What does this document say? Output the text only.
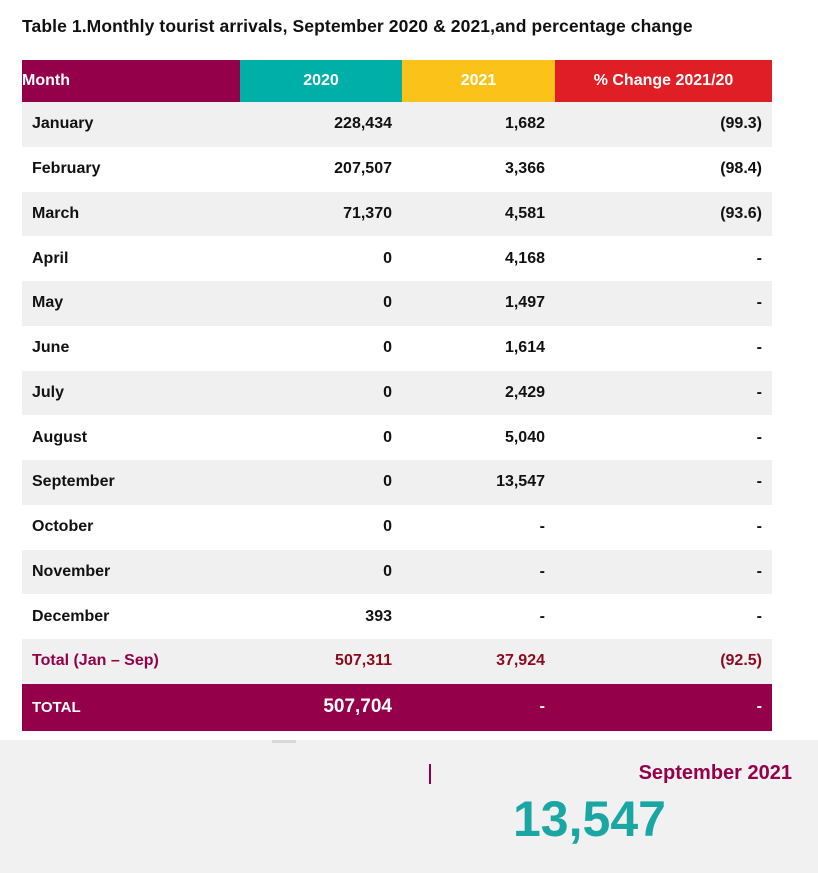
Table 1.Monthly tourist arrivals, September 2020 & 2021,and percentage change
Month	2020	2021	% Change 2021/20
January	228,434	1,682	(99.3)
February	207,507	3,366	(98.4)
March	71,370	4,581	(93.6)
April	0	4,168	-
May	0	1,497	-
June	0	1,614	-
July	0	2,429	-
August	0	5,040	-
September	0	13,547	-
October	0	-	-
November	0	-	-
December	393	-	-
Total (Jan – Sep)	507,311	37,924	(92.5)
TOTAL	507,704	-	-
September 2021
13,547
